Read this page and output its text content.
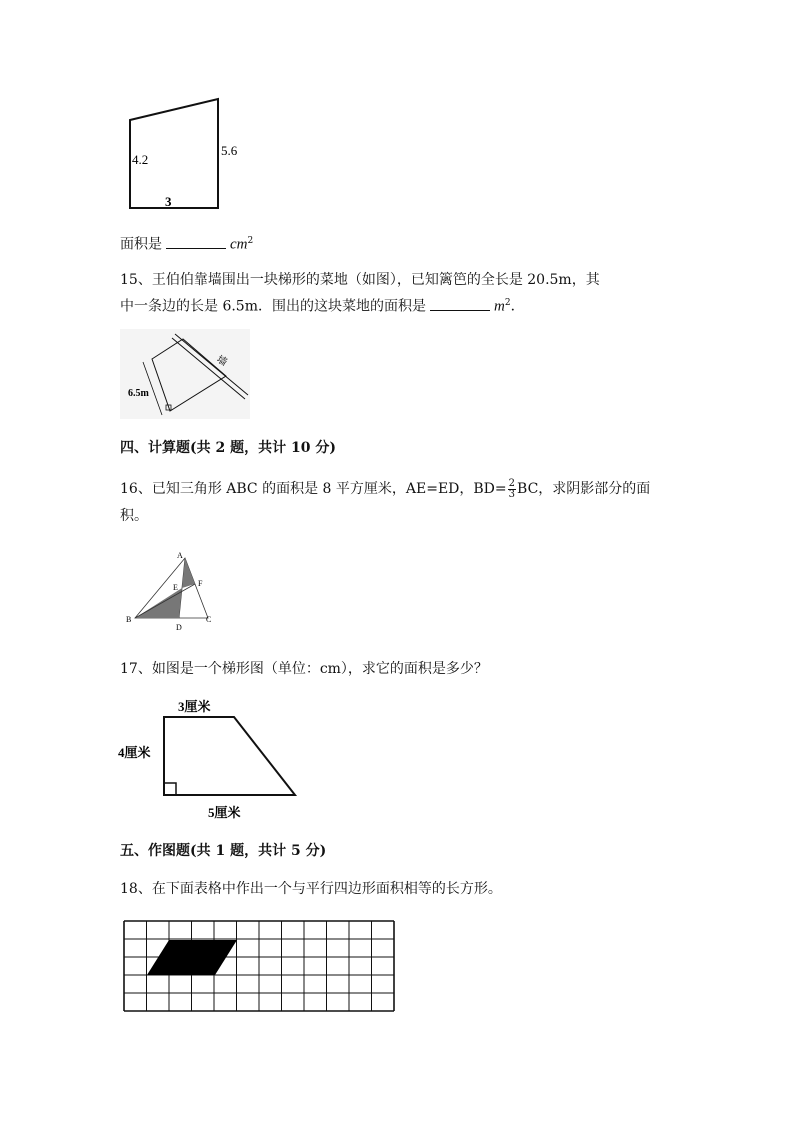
4.2
5.6
3
面积是	$cm^2$
15、王伯伯靠墙围出一块梯形的菜地（如图），已知篱笆的全长是 20.5m，其
中一条边的长是 6.5m．围出的这块菜地的面积是	$m^2$．
墙
6.5m
四、计算题(共 2 题，共计 10 分)
16、已知三角形 ABC 的面积是 8 平方厘米，AE=ED，$BD= \frac{2}{3}$ BC，求阴影部分的面
积。
A
B	C
D
E	F
17、如图是一个梯形图（单位：cm），求它的面积是多少？
3厘米
4厘米
5厘米
五、作图题(共 1 题，共计 5 分)
18、在下面表格中作出一个与平行四边形面积相等的长方形。
